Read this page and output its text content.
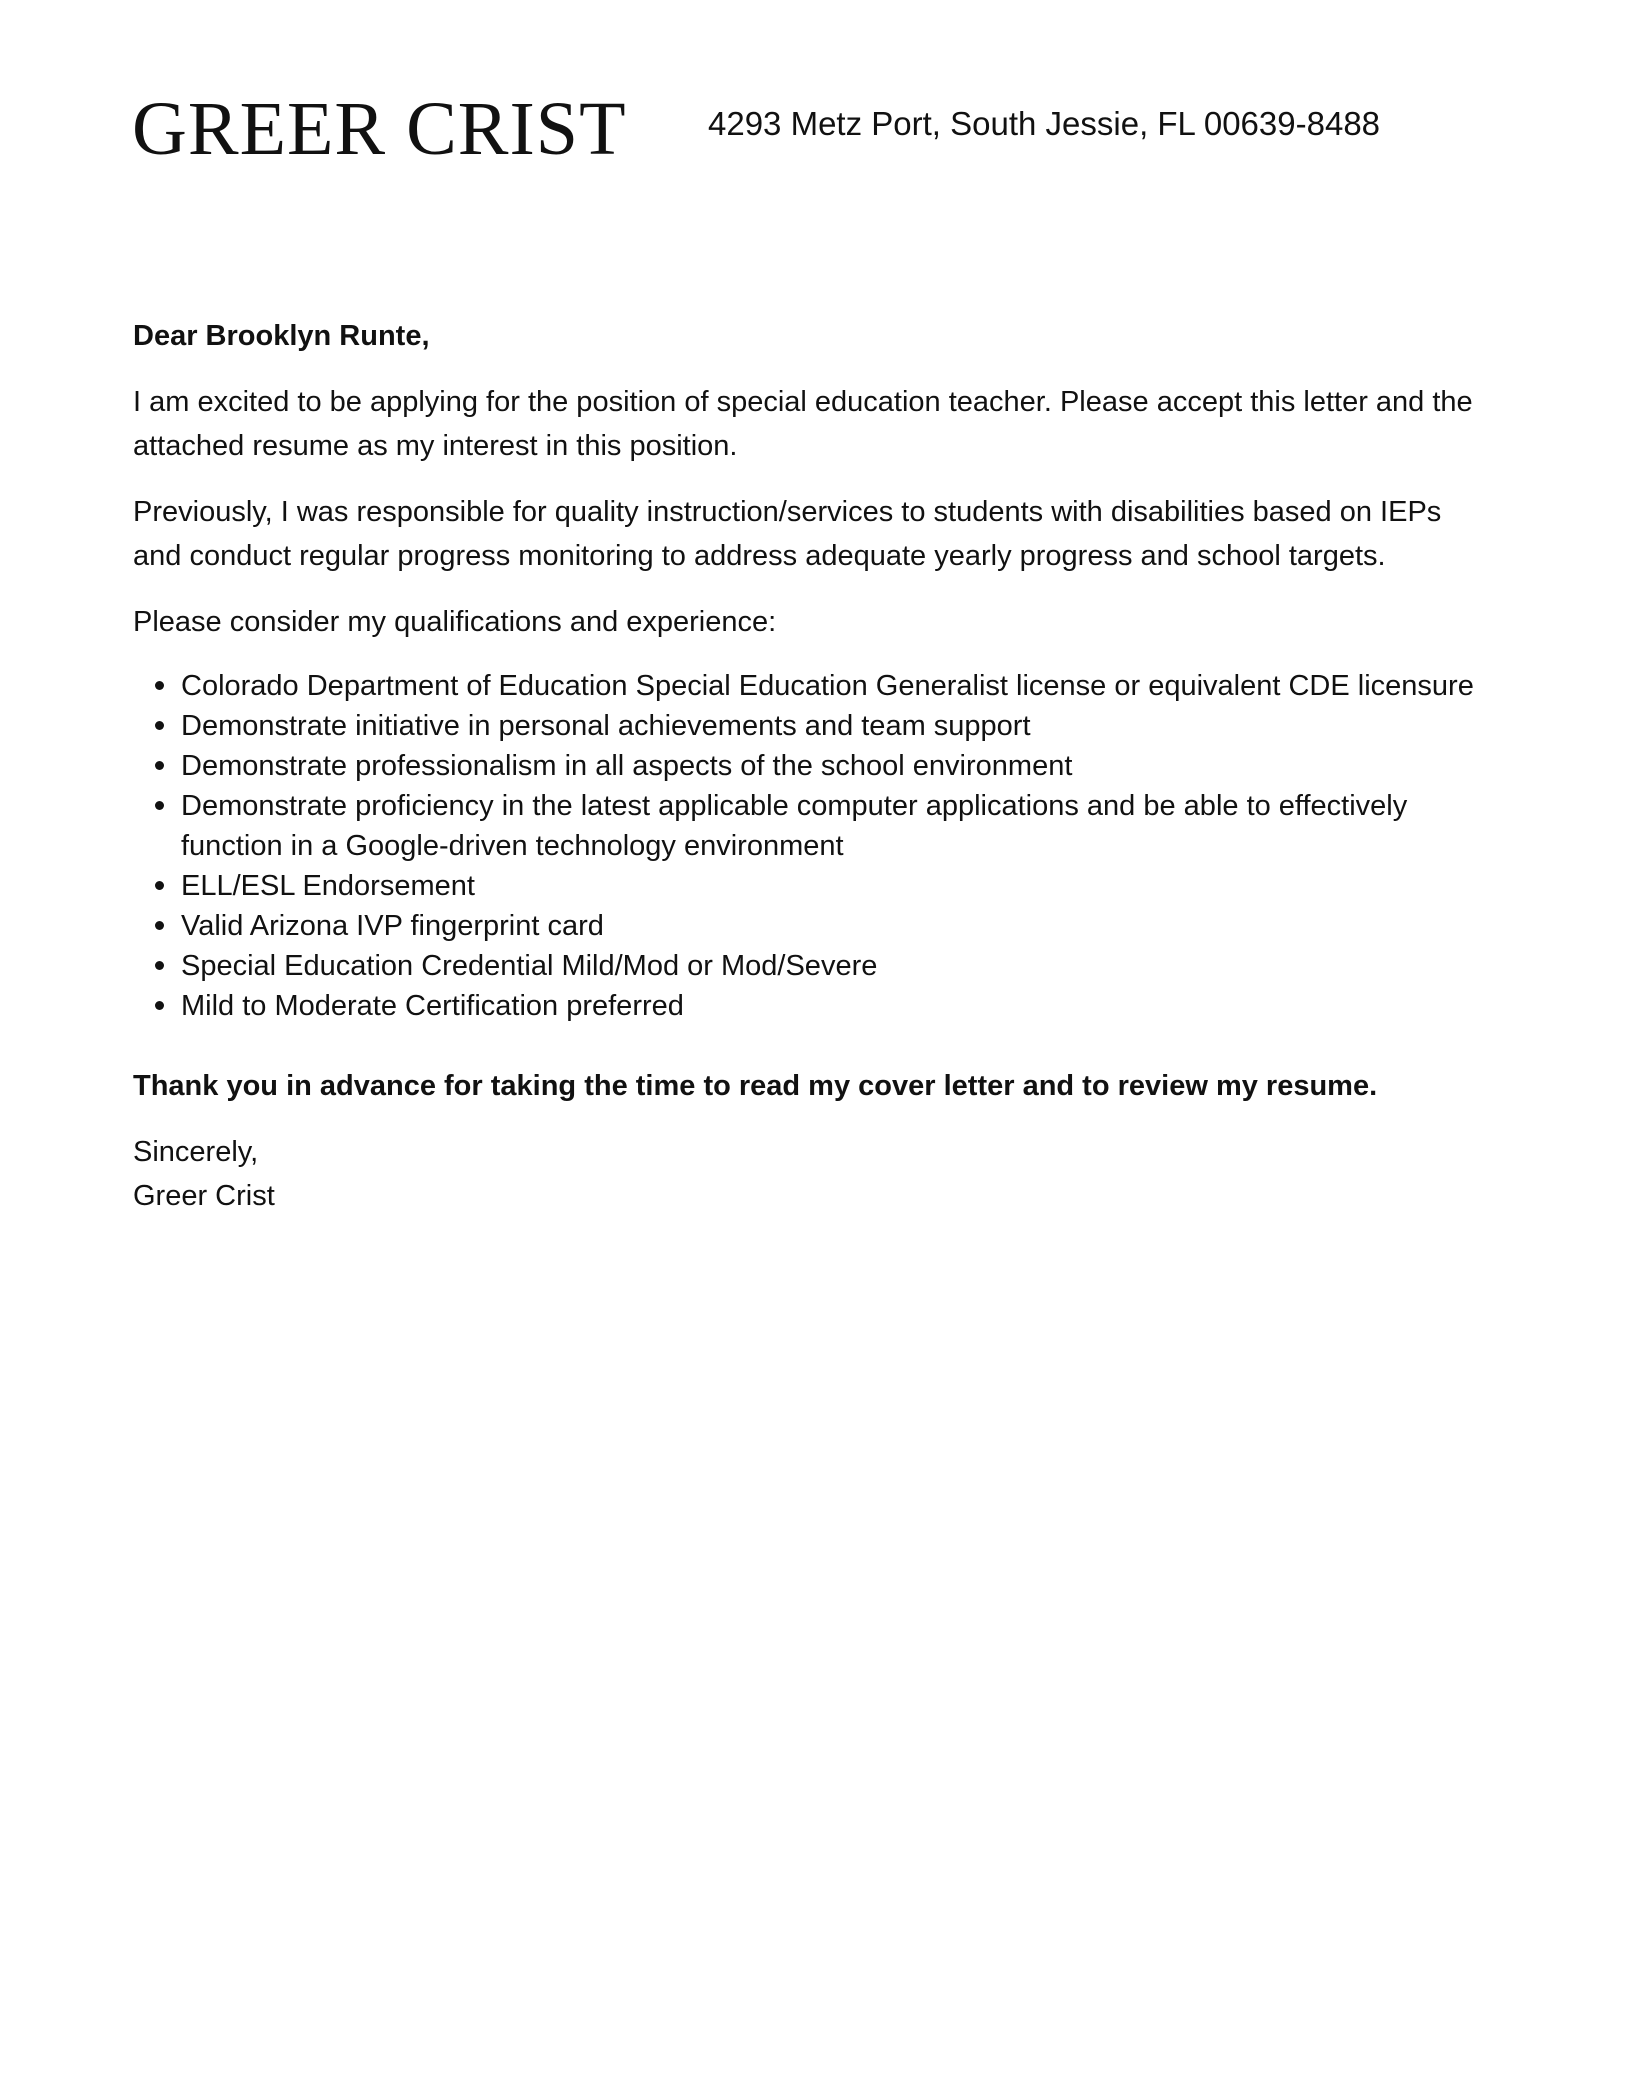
GREER CRIST 4293 Metz Port, South Jessie, FL 00639-8488

Dear Brooklyn Runte,

I am excited to be applying for the position of special education teacher. Please accept this letter and the attached resume as my interest in this position.

Previously, I was responsible for quality instruction/services to students with disabilities based on IEPs and conduct regular progress monitoring to address adequate yearly progress and school targets.

Please consider my qualifications and experience:

Colorado Department of Education Special Education Generalist license or equivalent CDE licensure
Demonstrate initiative in personal achievements and team support
Demonstrate professionalism in all aspects of the school environment
Demonstrate proficiency in the latest applicable computer applications and be able to effectively function in a Google-driven technology environment
ELL/ESL Endorsement
Valid Arizona IVP fingerprint card
Special Education Credential Mild/Mod or Mod/Severe
Mild to Moderate Certification preferred

Thank you in advance for taking the time to read my cover letter and to review my resume.

Sincerely,

Greer Crist
